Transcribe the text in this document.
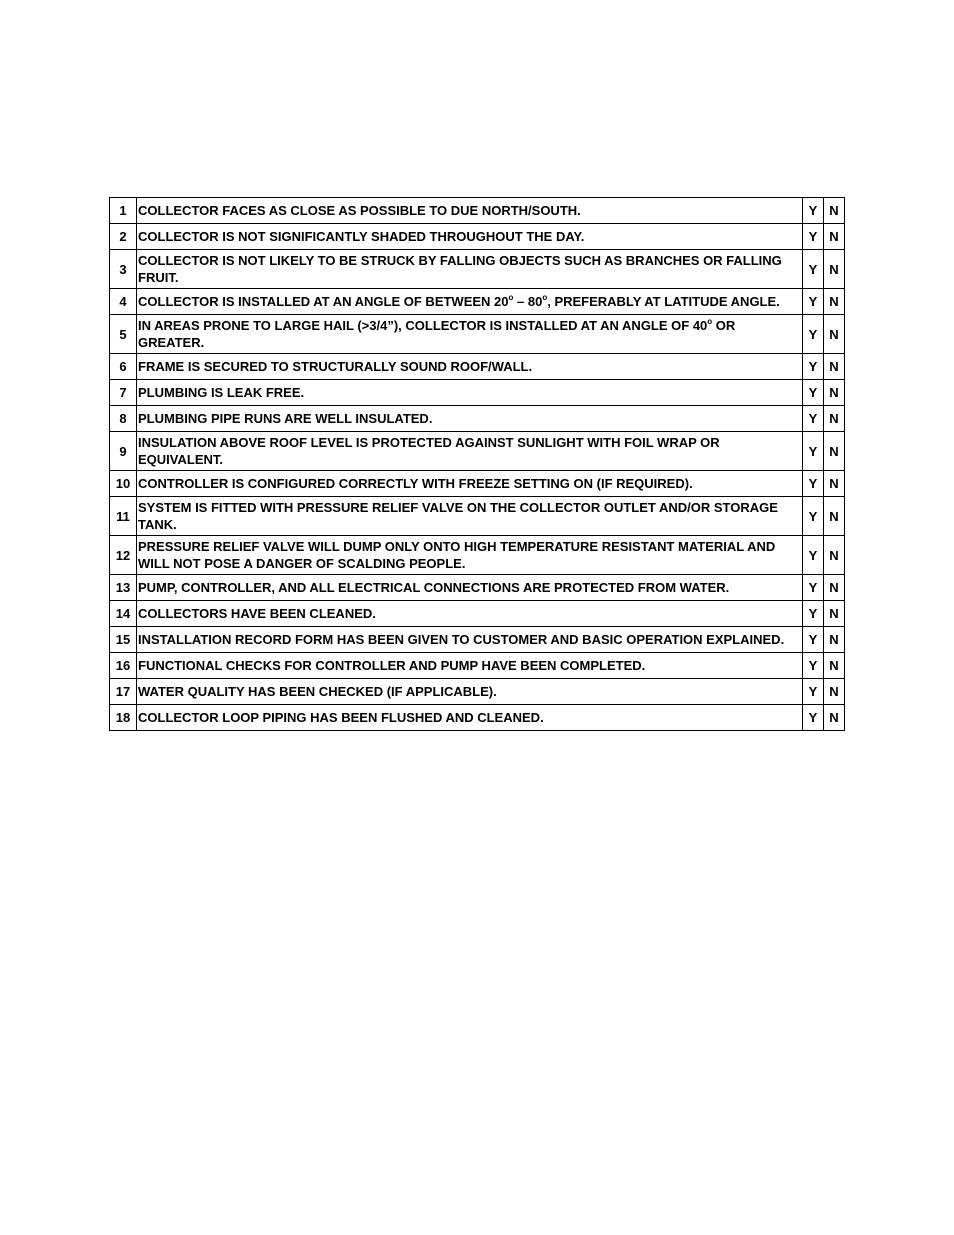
1	COLLECTOR FACES AS CLOSE AS POSSIBLE TO DUE NORTH/SOUTH.	Y	N
2	COLLECTOR IS NOT SIGNIFICANTLY SHADED THROUGHOUT THE DAY.	Y	N
3	COLLECTOR IS NOT LIKELY TO BE STRUCK BY FALLING OBJECTS SUCH AS BRANCHES OR FALLING FRUIT.	Y	N
4	COLLECTOR IS INSTALLED AT AN ANGLE OF BETWEEN 20$^o$ – 80$^o$, PREFERABLY AT LATITUDE ANGLE.	Y	N
5	IN AREAS PRONE TO LARGE HAIL (>3/4”), COLLECTOR IS INSTALLED AT AN ANGLE OF 40$^o$ OR GREATER.	Y	N
6	FRAME IS SECURED TO STRUCTURALLY SOUND ROOF/WALL.	Y	N
7	PLUMBING IS LEAK FREE.	Y	N
8	PLUMBING PIPE RUNS ARE WELL INSULATED.	Y	N
9	INSULATION ABOVE ROOF LEVEL IS PROTECTED AGAINST SUNLIGHT WITH FOIL WRAP OR EQUIVALENT.	Y	N
10	CONTROLLER IS CONFIGURED CORRECTLY WITH FREEZE SETTING ON (IF REQUIRED).	Y	N
11	SYSTEM IS FITTED WITH PRESSURE RELIEF VALVE ON THE COLLECTOR OUTLET AND/OR STORAGE TANK.	Y	N
12	PRESSURE RELIEF VALVE WILL DUMP ONLY ONTO HIGH TEMPERATURE RESISTANT MATERIAL AND WILL NOT POSE A DANGER OF SCALDING PEOPLE.	Y	N
13	PUMP, CONTROLLER, AND ALL ELECTRICAL CONNECTIONS ARE PROTECTED FROM WATER.	Y	N
14	COLLECTORS HAVE BEEN CLEANED.	Y	N
15	INSTALLATION RECORD FORM HAS BEEN GIVEN TO CUSTOMER AND BASIC OPERATION EXPLAINED.	Y	N
16	FUNCTIONAL CHECKS FOR CONTROLLER AND PUMP HAVE BEEN COMPLETED.	Y	N
17	WATER QUALITY HAS BEEN CHECKED (IF APPLICABLE).	Y	N
18	COLLECTOR LOOP PIPING HAS BEEN FLUSHED AND CLEANED.	Y	N
